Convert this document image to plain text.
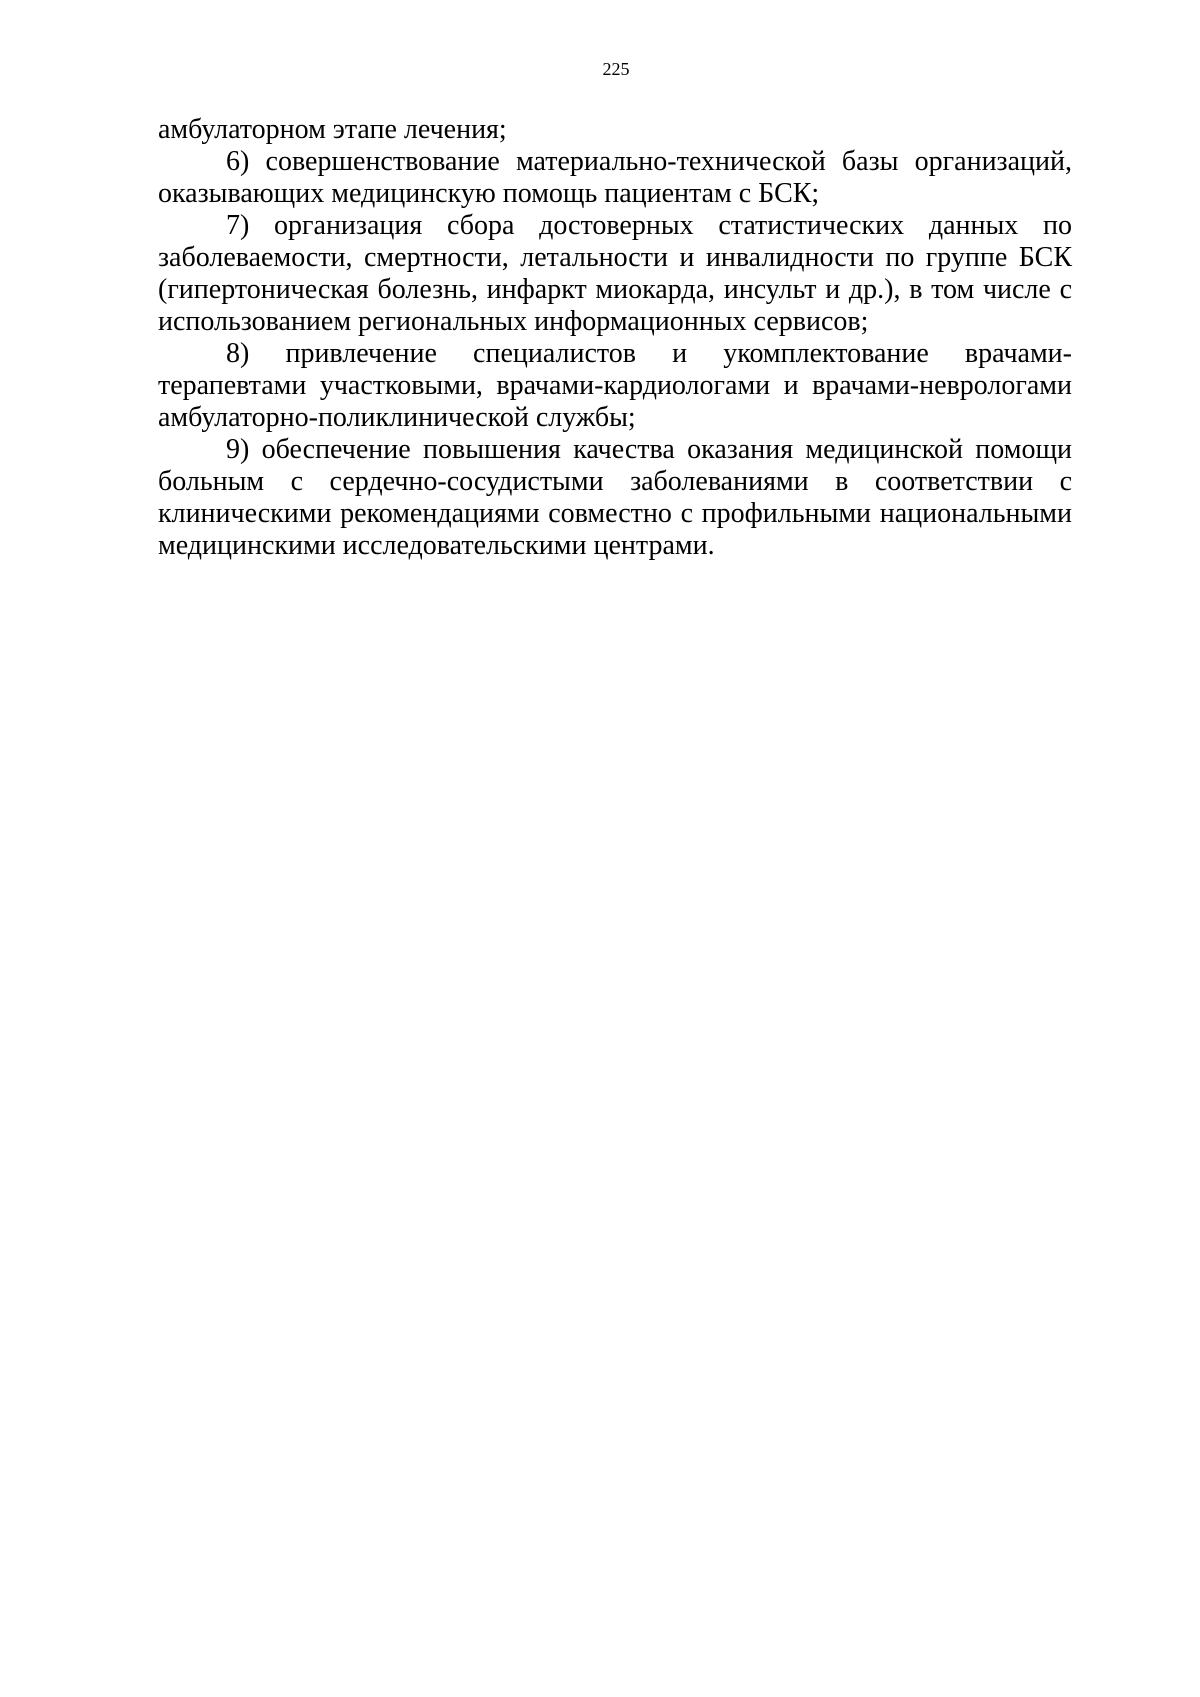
225

амбулаторном этапе лечения;

6) совершенствование материально-технической базы организаций, оказывающих медицинскую помощь пациентам с БСК;

7) организация сбора достоверных статистических данных по заболеваемости, смертности, летальности и инвалидности по группе БСК (гипертоническая болезнь, инфаркт миокарда, инсульт и др.), в том числе с использованием региональных информационных сервисов;

8) привлечение специалистов и укомплектование врачами-терапевтами участковыми, врачами-кардиологами и врачами-неврологами амбулаторно-поликлинической службы;

9) обеспечение повышения качества оказания медицинской помощи больным с сердечно-сосудистыми заболеваниями в соответствии с клиническими рекомендациями совместно с профильными национальными медицинскими исследовательскими центрами.
